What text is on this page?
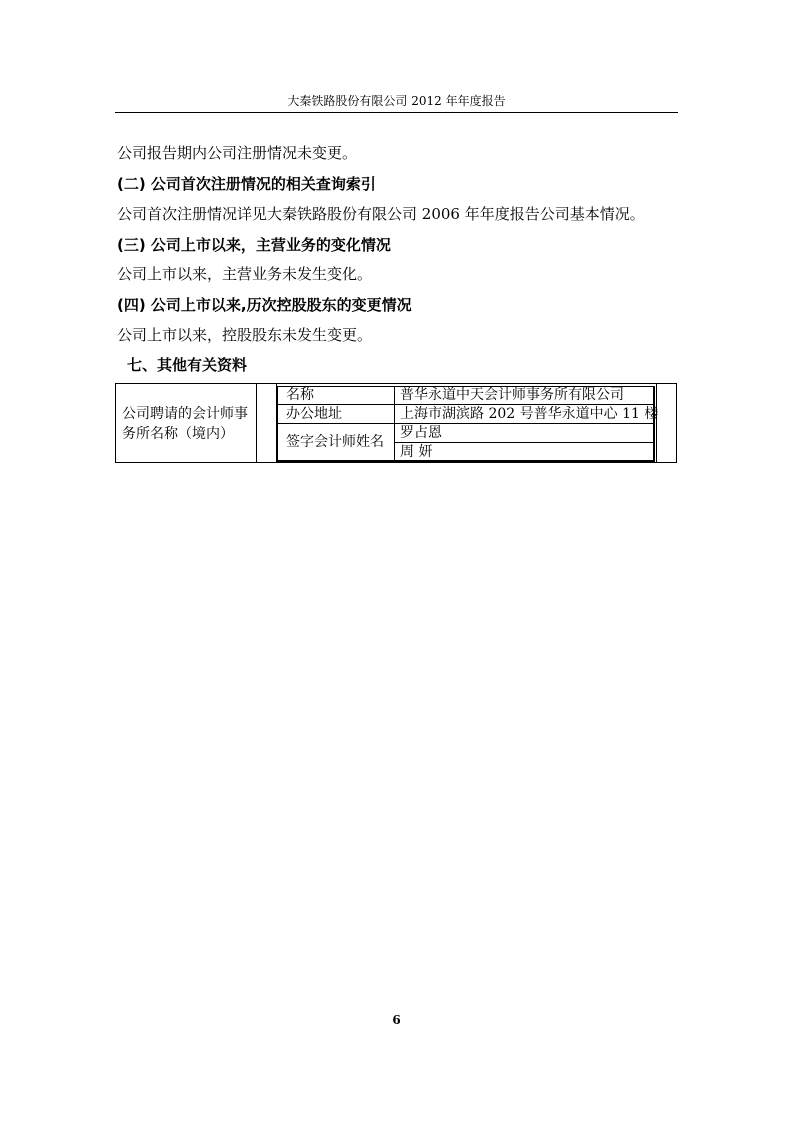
大秦铁路股份有限公司 2012 年年度报告
公司报告期内公司注册情况未变更。
(二) 公司首次注册情况的相关查询索引
公司首次注册情况详见大秦铁路股份有限公司 2006 年年度报告公司基本情况。
(三) 公司上市以来，主营业务的变化情况
公司上市以来，主营业务未发生变化。
(四) 公司上市以来,历次控股股东的变更情况
公司上市以来，控股股东未发生变更。
七、其他有关资料
公司聘请的会计师事
务所名称（境内）
名称	普华永道中天会计师事务所有限公司
办公地址	上海市湖滨路 202 号普华永道中心 11 楼
签字会计师姓名
罗占恩
周 妍
6
